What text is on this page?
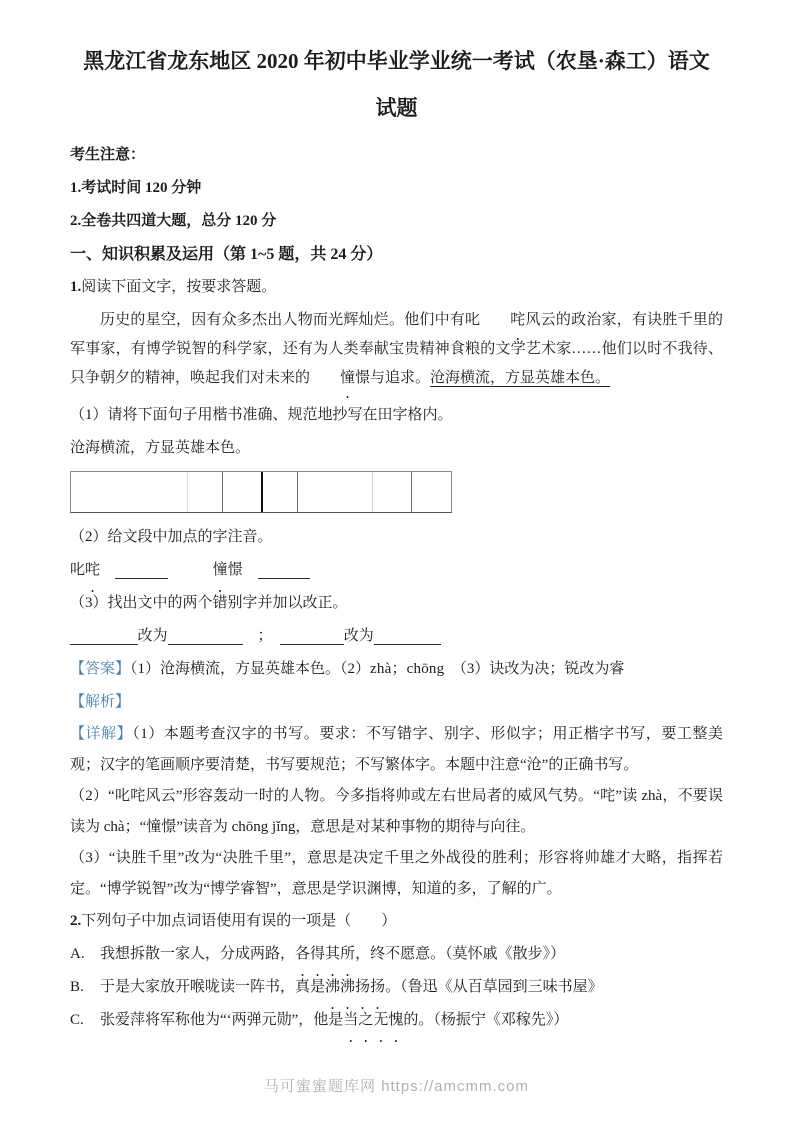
黑龙江省龙东地区 2020 年初中毕业学业统一考试（农垦·森工）语文
试题
考生注意：
1.考试时间 120 分钟
2.全卷共四道大题，总分 120 分
一、知识积累及运用（第 1~5 题，共 24 分）
1.阅读下面文字，按要求答题。
历史的星空，因有众多杰出人物而光辉灿烂。他们中有叱 咤风云的政治家，有诀胜千里的军事家，有博学锐智的科学家，还有为人类奉献宝贵精神食粮的文学艺术家……他们以时不我待、只争朝夕的精神，唤起我们对未来的 憧憬与追求。沧海横流，方显英雄本色。
（1）请将下面句子用楷书准确、规范地抄写在田字格内。
沧海横流，方显英雄本色。
（2）给文段中加点的字注音。
叱咤　              　　　	憧憬　
（3）找出文中的两个错别字并加以改正。
改为	　；　	改为
【答案】（1）沧海横流，方显英雄本色。（2）zhà；chōng　（3）诀改为决；锐改为睿
【解析】
【详解】（1）本题考查汉字的书写。要求：不写错字、别字、形似字；用正楷字书写，要工整美观；汉字的笔画顺序要清楚，书写要规范；不写繁体字。本题中注意“沧”的正确书写。
（2）“叱咤风云”形容轰动一时的人物。今多指将帅或左右世局者的威风气势。“咤”读 zhà，不要误读为 chà；“憧憬”读音为 chōng jǐng，意思是对某种事物的期待与向往。
（3）“诀胜千里”改为“决胜千里”，意思是决定千里之外战役的胜利；形容将帅雄才大略，指挥若定。“博学锐智”改为“博学睿智”，意思是学识渊博，知道的多，了解的广。
2.下列句子中加点词语使用有误的一项是（　　）
A. 我想拆散一家人，分成两路，各得其所，终不愿意。（莫怀戚《散步》）
B. 于是大家放开喉咙读一阵书，真是沸沸扬扬。（鲁迅《从百草园到三味书屋》
C. 张爱萍将军称他为“‘两弹元勋”，他是当之无愧的。（杨振宁《邓稼先》）
马可蜜蜜题库网 https://amcmm.com
